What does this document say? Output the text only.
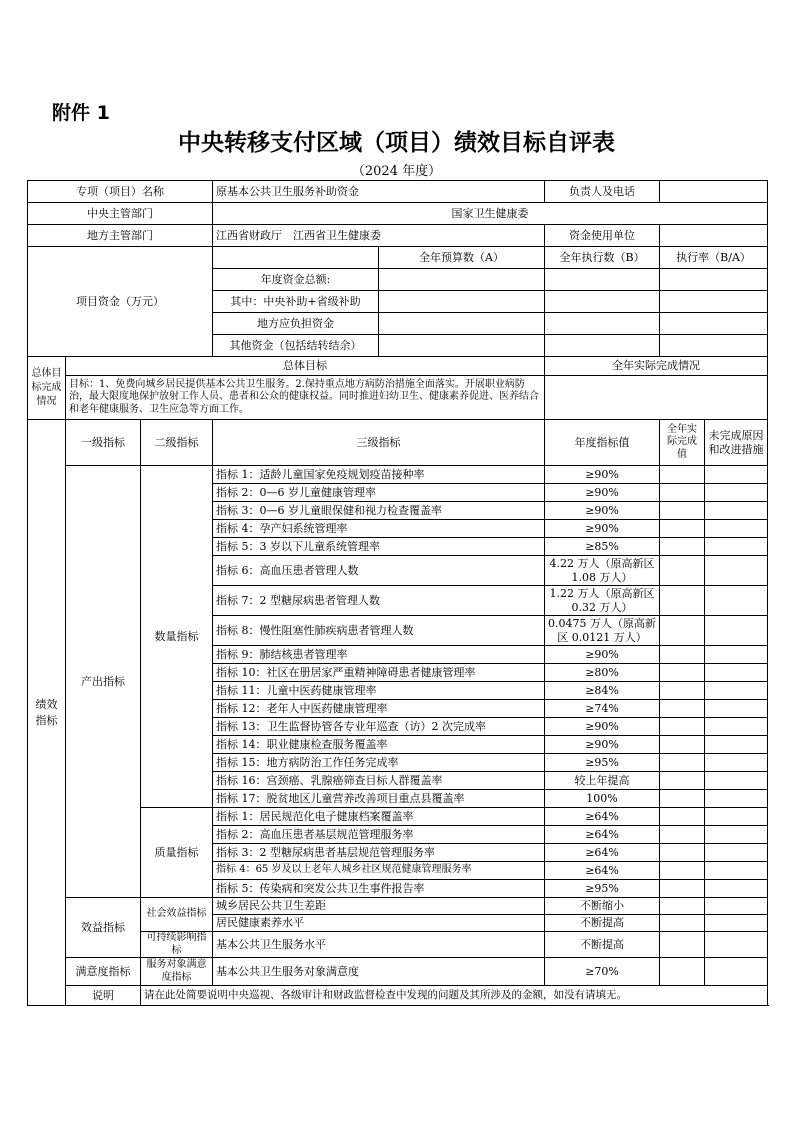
附件 1
中央转移支付区域（项目）绩效目标自评表
（2024 年度）
专项（项目）名称			原基本公共卫生服务补助资金		负责人及电话		
中央主管部门			国家卫生健康委				
地方主管部门			江西省财政厅　江西省卫生健康委		资金使用单位		
项目资金（万元）				全年预算数（A）	全年执行数（B）	执行率（B/A）	
			年度资金总额:				
			其中：中央补助+省级补助				
			地方应负担资金				
			其他资金（包括结转结余）				
总体目标完成情况	总体目标				全年实际完成情况		
	目标：1、免费向城乡居民提供基本公共卫生服务。2.保持重点地方病防治措施全面落实。开展职业病防治，最大限度地保护放射工作人员、患者和公众的健康权益。同时推进妇幼卫生、健康素养促进、医养结合和老年健康服务、卫生应急等方面工作。						
绩效指标	一级指标	二级指标	三级指标		年度指标值	全年实际完成值	未完成原因和改进措施
	产出指标	数量指标	指标 1：适龄儿童国家免疫规划疫苗接种率		≥90%		
			指标 2：0—6 岁儿童健康管理率		≥90%		
			指标 3：0—6 岁儿童眼保健和视力检查覆盖率		≥90%		
			指标 4：孕产妇系统管理率		≥90%		
			指标 5：3 岁以下儿童系统管理率		≥85%		
			指标 6：高血压患者管理人数		4.22 万人（原高新区 1.08 万人）		
			指标 7：2 型糖尿病患者管理人数		1.22 万人（原高新区 0.32 万人）		
			指标 8：慢性阻塞性肺疾病患者管理人数		0.0475 万人（原高新区 0.0121 万人）		
			指标 9：肺结核患者管理率		≥90%		
			指标 10：社区在册居家严重精神障碍患者健康管理率		≥80%		
			指标 11：儿童中医药健康管理率		≥84%		
			指标 12：老年人中医药健康管理率		≥74%		
			指标 13：卫生监督协管各专业年巡查（访）2 次完成率		≥90%		
			指标 14：职业健康检查服务覆盖率		≥90%		
			指标 15：地方病防治工作任务完成率		≥95%		
			指标 16：宫颈癌、乳腺癌筛查目标人群覆盖率		较上年提高		
			指标 17：脱贫地区儿童营养改善项目重点县覆盖率		100%		
		质量指标	指标 1：居民规范化电子健康档案覆盖率		≥64%		
			指标 2：高血压患者基层规范管理服务率		≥64%		
			指标 3：2 型糖尿病患者基层规范管理服务率		≥64%		
			指标 4：65 岁及以上老年人城乡社区规范健康管理服务率		≥64%		
			指标 5：传染病和突发公共卫生事件报告率		≥95%		
	效益指标	社会效益指标	城乡居民公共卫生差距		不断缩小		
			居民健康素养水平		不断提高		
		可持续影响指标	基本公共卫生服务水平		不断提高		
	满意度指标	服务对象满意度指标	基本公共卫生服务对象满意度		≥70%		
	说明	请在此处简要说明中央巡视、各级审计和财政监督检查中发现的问题及其所涉及的金额，如没有请填无。					
